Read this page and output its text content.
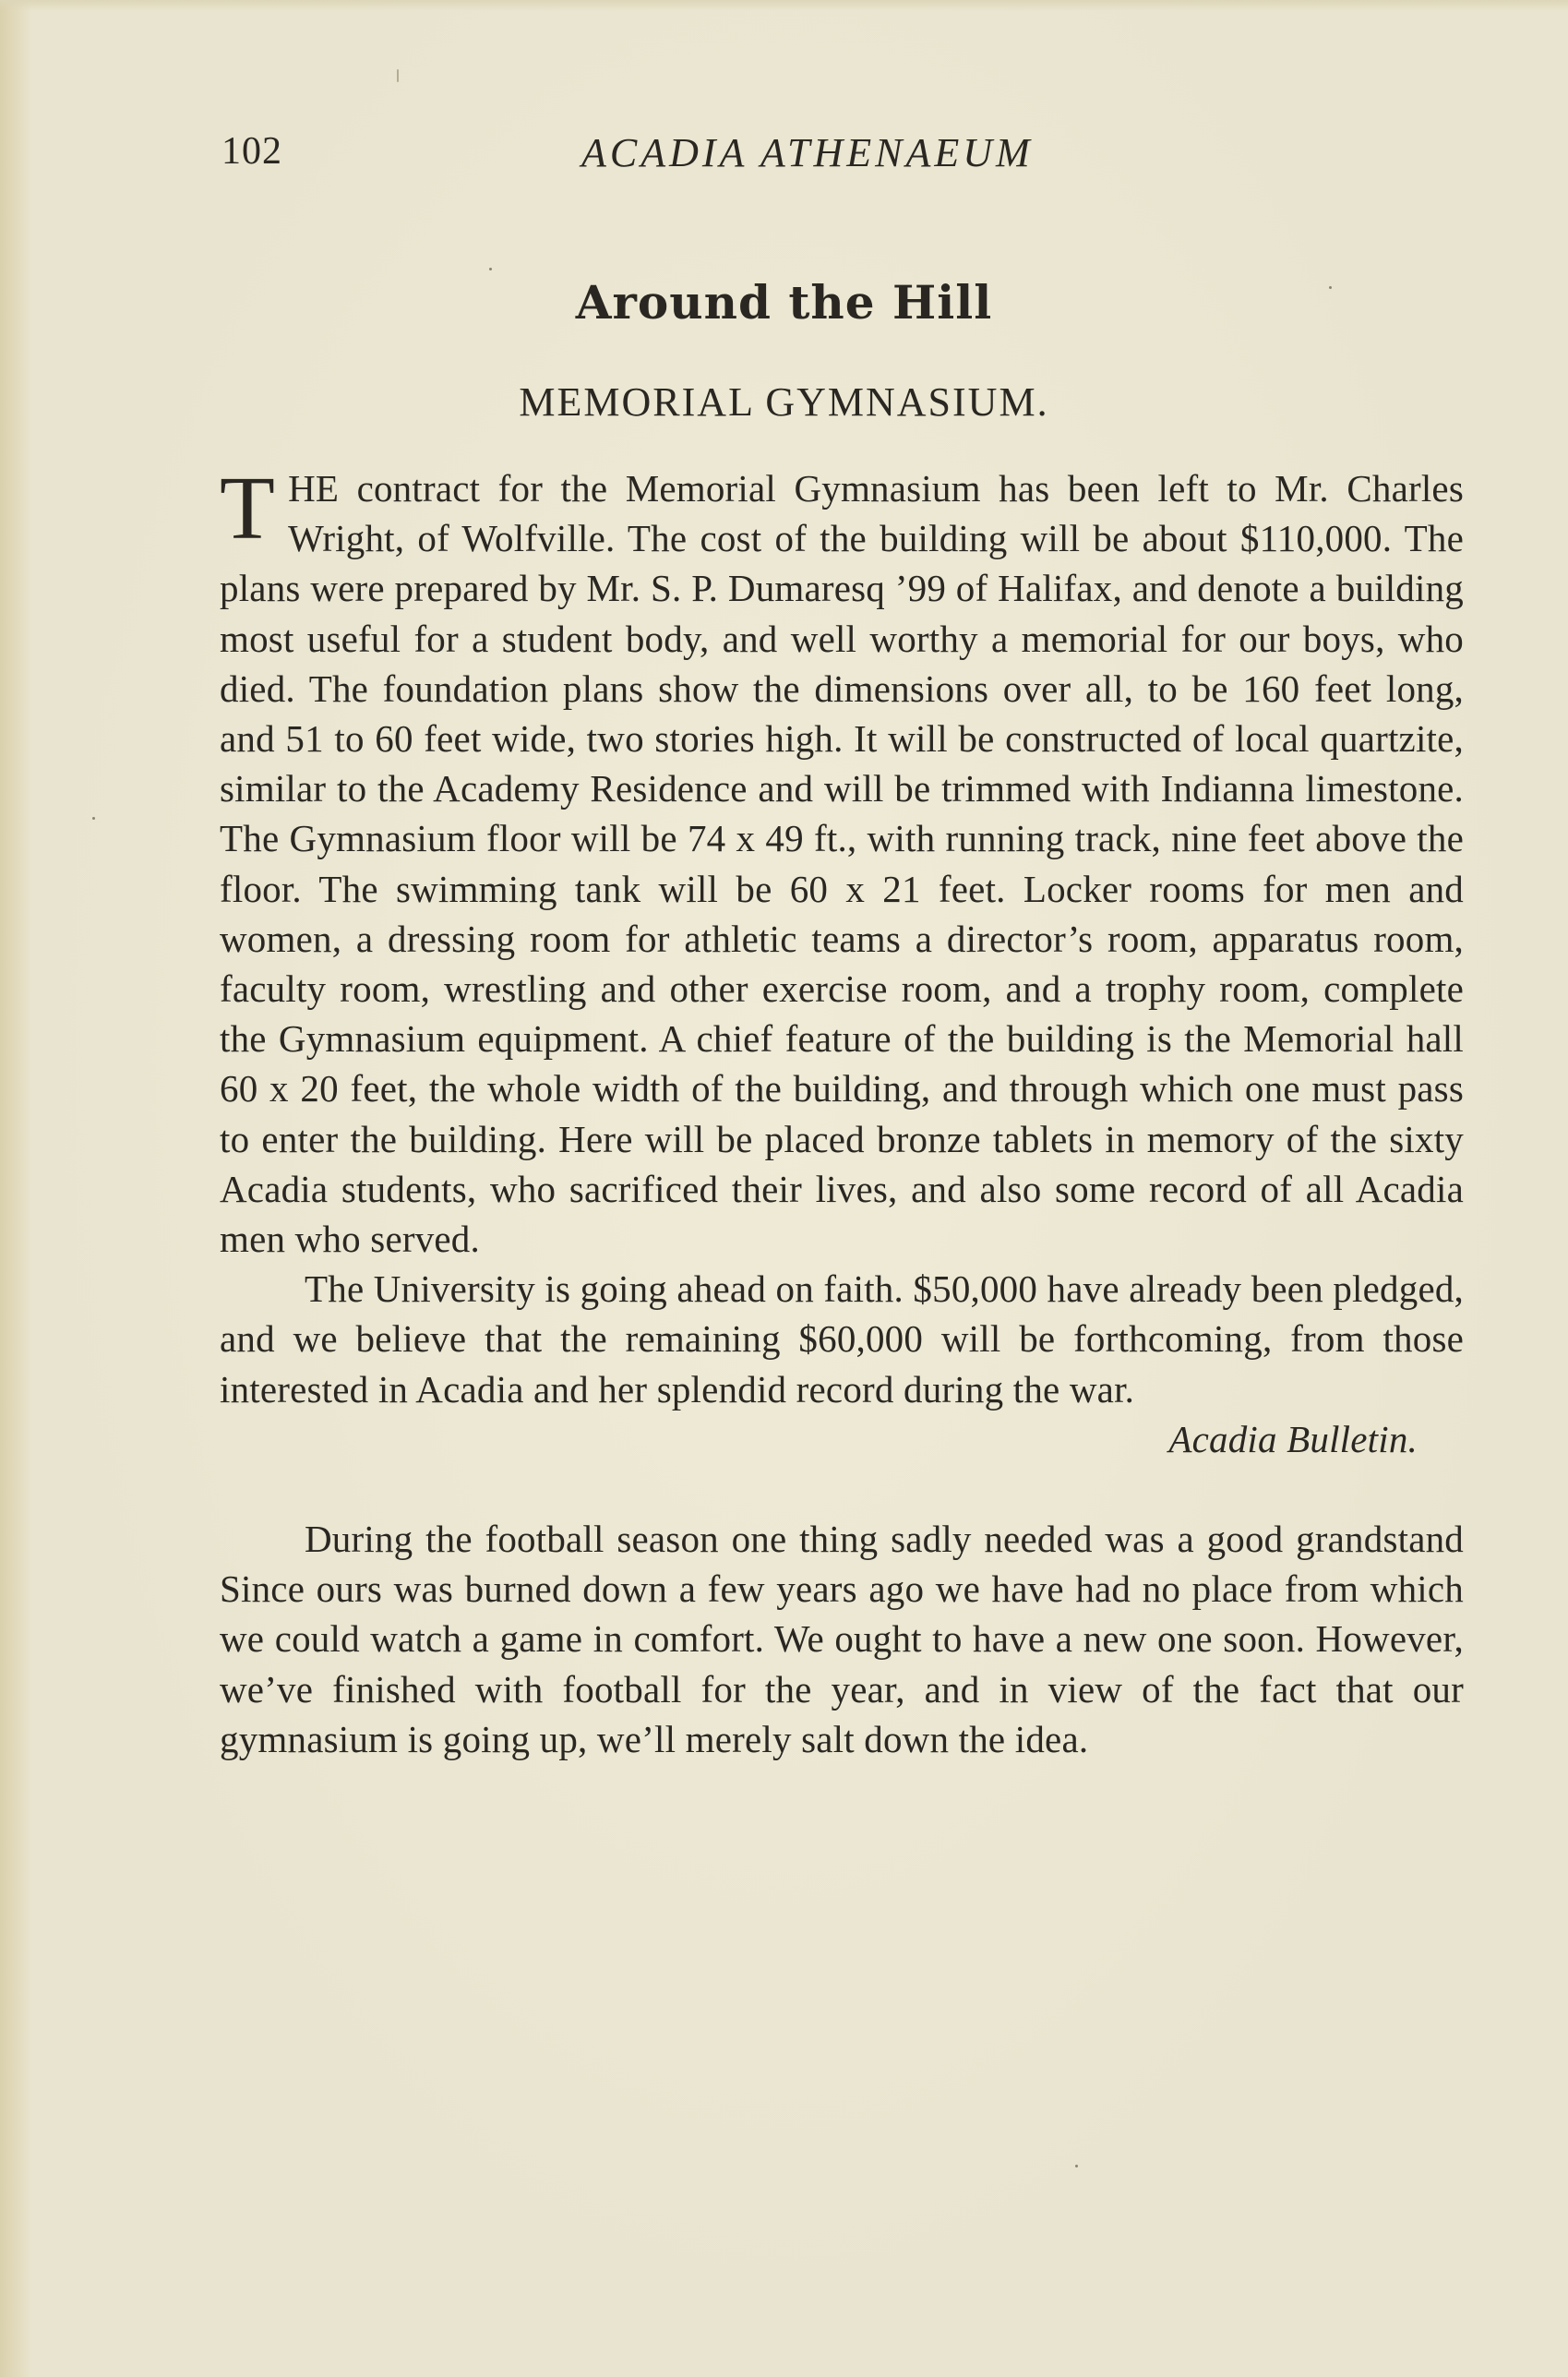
102	ACADIA ATHENAEUM
Around the Hill
MEMORIAL GYMNASIUM.

THE contract for the Memorial Gymnasium has been left to Mr. Charles Wright, of Wolfville. The cost of the building will be about $110,000. The plans were prepared by Mr. S. P. Dumaresq ’99 of Halifax, and denote a building most useful for a student body, and well worthy a memorial for our boys, who died. The foundation plans show the dimensions over all, to be 160 feet long, and 51 to 60 feet wide, two stories high. It will be constructed of local quartzite, similar to the Academy Residence and will be trimmed with Indianna limestone. The Gymnasium floor will be 74 x 49 ft., with running track, nine feet above the floor. The swimming tank will be 60 x 21 feet. Locker rooms for men and women, a dressing room for athletic teams a director’s room, apparatus room, faculty room, wrestling and other exercise room, and a trophy room, complete the Gymnasium equipment. A chief feature of the building is the Memorial hall 60 x 20 feet, the whole width of the building, and through which one must pass to enter the building. Here will be placed bronze tablets in memory of the sixty Acadia students, who sacrificed their lives, and also some record of all Acadia men who served.

The University is going ahead on faith. $50,000 have already been pledged, and we believe that the remaining $60,000 will be forthcoming, from those interested in Acadia and her splendid record during the war.

Acadia Bulletin.

During the football season one thing sadly needed was a good grandstand Since ours was burned down a few years ago we have had no place from which we could watch a game in comfort. We ought to have a new one soon. However, we’ve finished with football for the year, and in view of the fact that our gymnasium is going up, we’ll merely salt down the idea.
